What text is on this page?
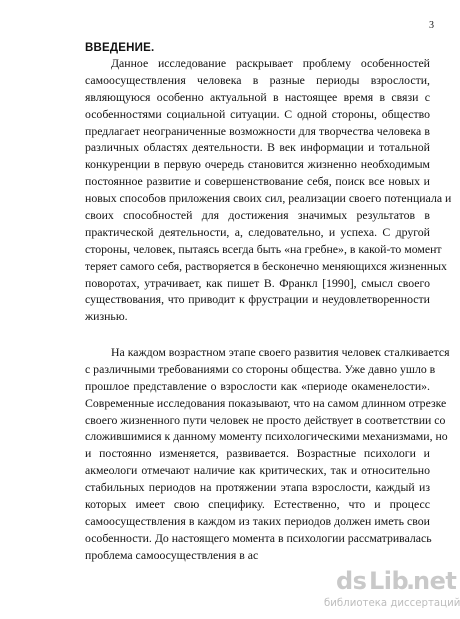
3
ВВЕДЕНИЕ.
Данное исследование раскрывает проблему особенностей
самоосуществления человека в разные периоды взрослости,
являющуюся особенно актуальной в настоящее время в связи с
особенностями социальной ситуации. С одной стороны, общество
предлагает неограниченные возможности для творчества человека в
различных областях деятельности. В век информации и тотальной
конкуренции в первую очередь становится жизненно необходимым
постоянное развитие и совершенствование себя, поиск все новых и
новых способов приложения своих сил, реализации своего потенциала и
своих способностей для достижения значимых результатов в
практической деятельности, а, следовательно, и успеха. С другой
стороны, человек, пытаясь всегда быть «на гребне», в какой-то момент
теряет самого себя, растворяется в бесконечно меняющихся жизненных
поворотах, утрачивает, как пишет В. Франкл [1990], смысл своего
существования, что приводит к фрустрации и неудовлетворенности
жизнью.
На каждом возрастном этапе своего развития человек сталкивается
с различными требованиями со стороны общества. Уже давно ушло в
прошлое представление о взрослости как «периоде окаменелости».
Современные исследования показывают, что на самом длинном отрезке
своего жизненного пути человек не просто действует в соответствии со
сложившимися к данному моменту психологическими механизмами, но
и постоянно изменяется, развивается. Возрастные психологи и
акмеологи отмечают наличие как критических, так и относительно
стабильных периодов на протяжении этапа взрослости, каждый из
которых имеет свою специфику. Естественно, что и процесс
самоосуществления в каждом из таких периодов должен иметь свои
особенности. До настоящего момента в психологии рассматривалась
проблема самоосуществления в ас
ds Lib
.
net
библиотека диссертаций
